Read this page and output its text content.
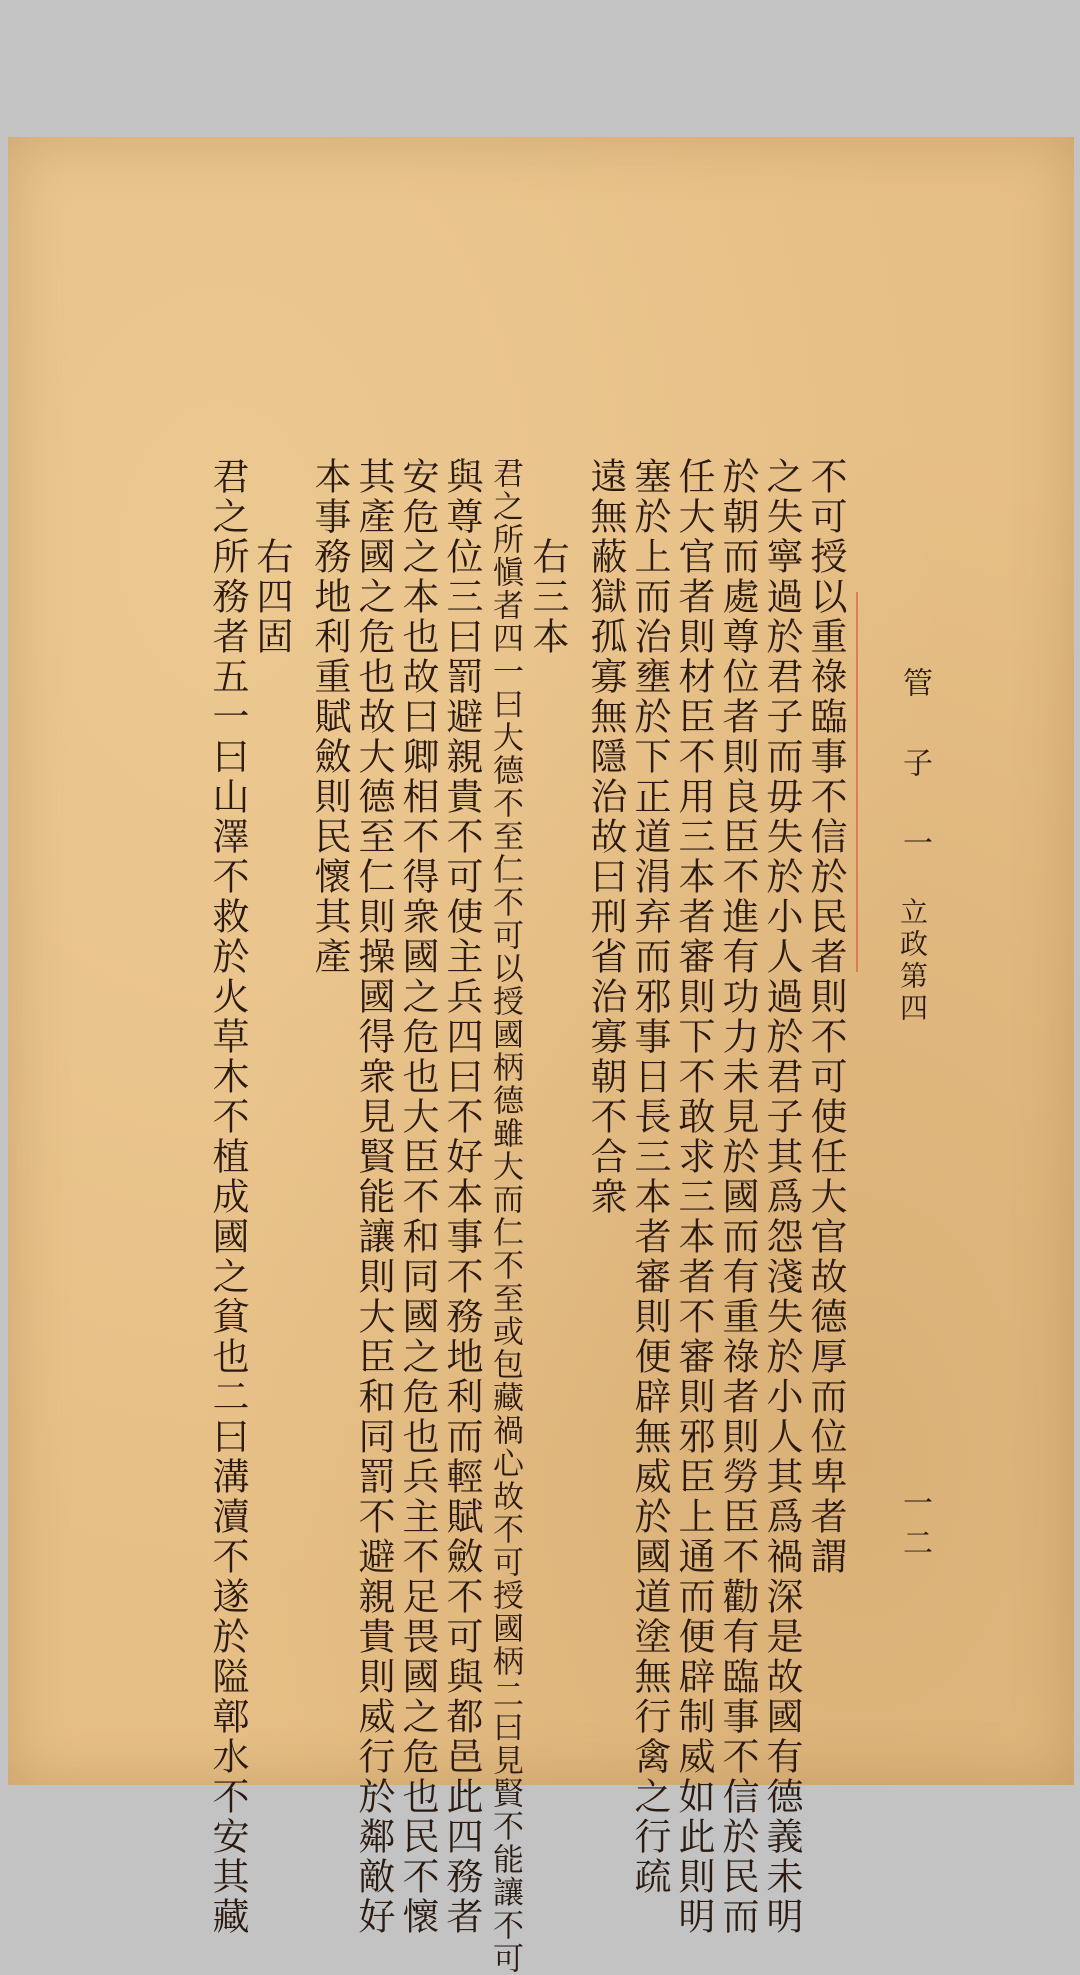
管　子　一
立政第四
一二
不可授以重祿臨事不信於民者則不可使任大官故德厚而位卑者謂
之失寧過於君子而毋失於小人過於君子其爲怨淺失於小人其爲禍深是故國有德義未明
於朝而處尊位者則良臣不進有功力未見於國而有重祿者則勞臣不勸有臨事不信於民而
任大官者則材臣不用三本者審則下不敢求三本者不審則邪臣上通而便辟制威如此則明
塞於上而治壅於下正道涓弃而邪事日長三本者審則便辟無威於國道塗無行禽之行疏
遠無蔽獄孤寡無隱治故曰刑省治寡朝不合衆
右三本
君之所愼者四一曰大德不至仁不可以授國柄德雖大而仁不至或包藏禍心故不可授國柄二曰見賢不能讓不可
與尊位三曰罰避親貴不可使主兵四曰不好本事不務地利而輕賦斂不可與都邑此四務者
安危之本也故曰卿相不得衆國之危也大臣不和同國之危也兵主不足畏國之危也民不懷
其產國之危也故大德至仁則操國得衆見賢能讓則大臣和同罰不避親貴則威行於鄰敵好
本事務地利重賦斂則民懷其產
右四固
君之所務者五一曰山澤不救於火草木不植成國之貧也二曰溝瀆不遂於隘鄣水不安其藏
